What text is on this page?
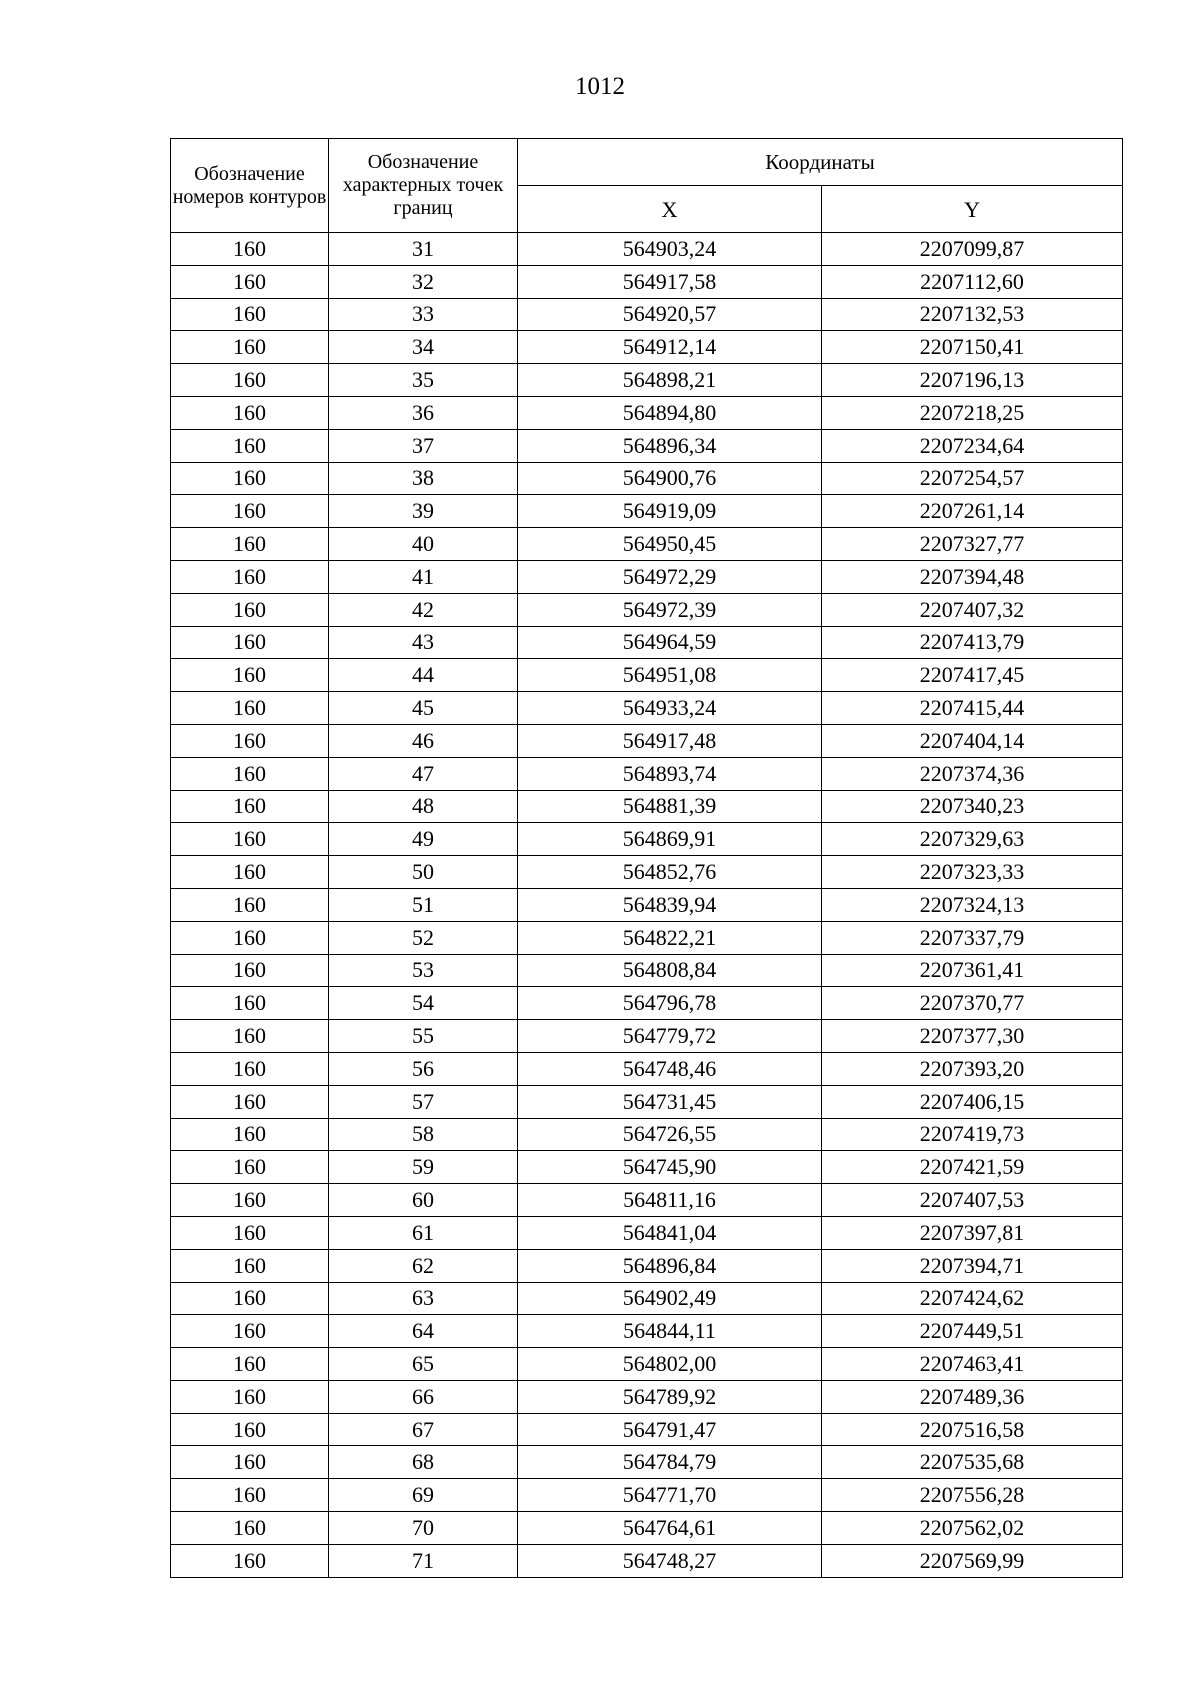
1012
Обозначение номеров контуров	Обозначение характерных точек границ	Координаты	
		X	Y
160	31	564903,24	2207099,87
160	32	564917,58	2207112,60
160	33	564920,57	2207132,53
160	34	564912,14	2207150,41
160	35	564898,21	2207196,13
160	36	564894,80	2207218,25
160	37	564896,34	2207234,64
160	38	564900,76	2207254,57
160	39	564919,09	2207261,14
160	40	564950,45	2207327,77
160	41	564972,29	2207394,48
160	42	564972,39	2207407,32
160	43	564964,59	2207413,79
160	44	564951,08	2207417,45
160	45	564933,24	2207415,44
160	46	564917,48	2207404,14
160	47	564893,74	2207374,36
160	48	564881,39	2207340,23
160	49	564869,91	2207329,63
160	50	564852,76	2207323,33
160	51	564839,94	2207324,13
160	52	564822,21	2207337,79
160	53	564808,84	2207361,41
160	54	564796,78	2207370,77
160	55	564779,72	2207377,30
160	56	564748,46	2207393,20
160	57	564731,45	2207406,15
160	58	564726,55	2207419,73
160	59	564745,90	2207421,59
160	60	564811,16	2207407,53
160	61	564841,04	2207397,81
160	62	564896,84	2207394,71
160	63	564902,49	2207424,62
160	64	564844,11	2207449,51
160	65	564802,00	2207463,41
160	66	564789,92	2207489,36
160	67	564791,47	2207516,58
160	68	564784,79	2207535,68
160	69	564771,70	2207556,28
160	70	564764,61	2207562,02
160	71	564748,27	2207569,99
